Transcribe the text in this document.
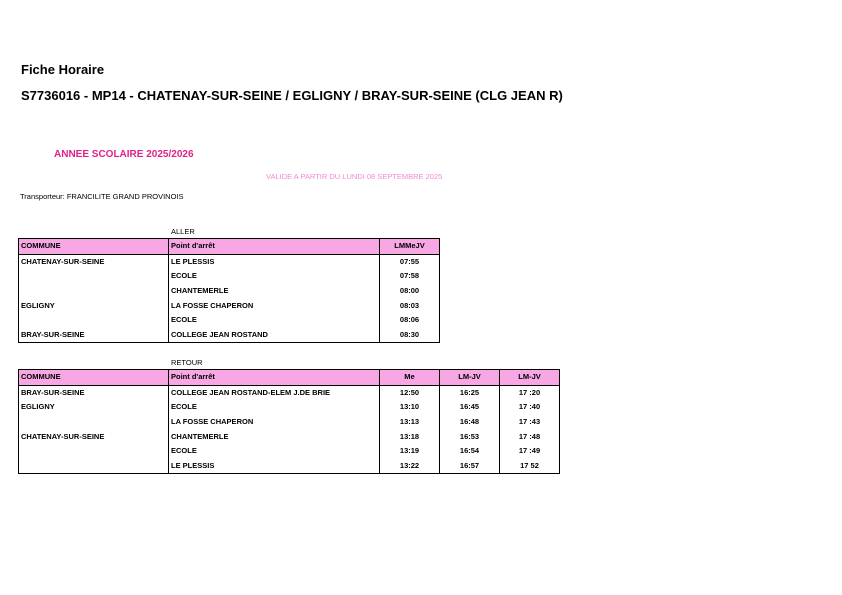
Fiche Horaire
S7736016 - MP14 - CHATENAY-SUR-SEINE / EGLIGNY / BRAY-SUR-SEINE (CLG JEAN R)
ANNEE SCOLAIRE 2025/2026
VALIDE A PARTIR DU LUNDI 08 SEPTEMBRE 2025
Transporteur: FRANCILITE GRAND PROVINOIS
ALLER
COMMUNE	Point d'arrêt	LMMeJV
CHATENAY-SUR-SEINE	LE PLESSIS	07:55
	ECOLE	07:58
	CHANTEMERLE	08:00
EGLIGNY	LA FOSSE CHAPERON	08:03
	ECOLE	08:06
BRAY-SUR-SEINE	COLLEGE JEAN ROSTAND	08:30
RETOUR
COMMUNE	Point d'arrêt	Me	LM-JV	LM-JV
BRAY-SUR-SEINE	COLLEGE JEAN ROSTAND-ELEM J.DE BRIE	12:50	16:25	17 :20
EGLIGNY	ECOLE	13:10	16:45	17 :40
	LA FOSSE CHAPERON	13:13	16:48	17 :43
CHATENAY-SUR-SEINE	CHANTEMERLE	13:18	16:53	17 :48
	ECOLE	13:19	16:54	17 :49
	LE PLESSIS	13:22	16:57	17 52
